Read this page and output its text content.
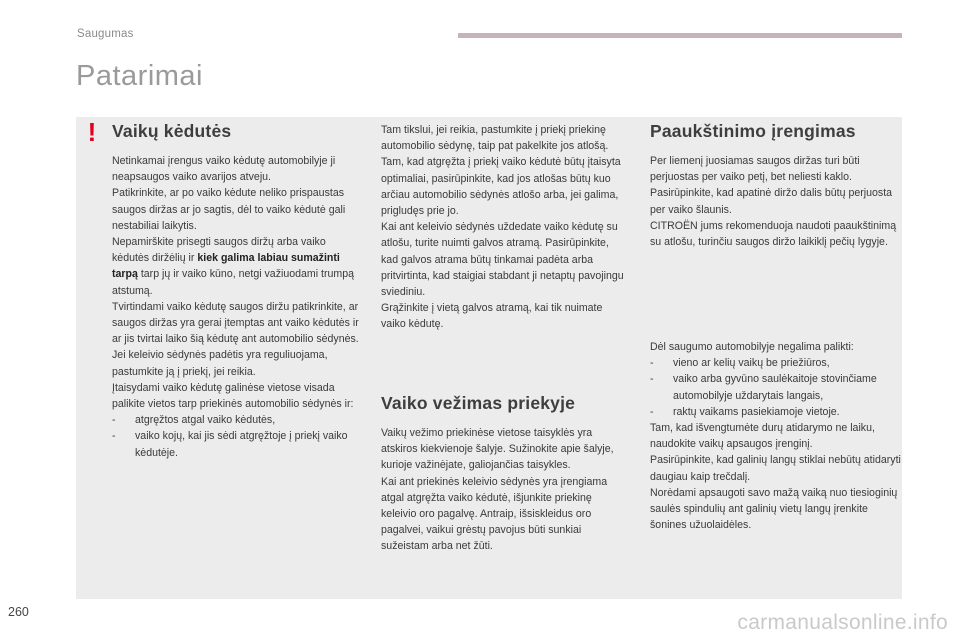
Saugumas
Patarimai
! Vaikų kėdutės

Netinkamai įrengus vaiko kėdutę automobilyje ji neapsaugos vaiko avarijos atveju.

Patikrinkite, ar po vaiko kėdute neliko prispaustas saugos diržas ar jo sagtis, dėl to vaiko kėdutė gali nestabiliai laikytis.

Nepamirškite prisegti saugos diržų arba vaiko kėdutės diržėlių ir kiek galima labiau sumažinti tarpą tarp jų ir vaiko kūno, netgi važiuodami trumpą atstumą.

Tvirtindami vaiko kėdutę saugos diržu patikrinkite, ar saugos diržas yra gerai įtemptas ant vaiko kėdutės ir ar jis tvirtai laiko šią kėdutę ant automobilio sėdynės. Jei keleivio sėdynės padėtis yra reguliuojama, pastumkite ją į priekį, jei reikia.

Įtaisydami vaiko kėdutę galinėse vietose visada palikite vietos tarp priekinės automobilio sėdynės ir:

-	atgręžtos atgal vaiko kėdutės,
-	vaiko kojų, kai jis sėdi atgręžtoje į priekį vaiko kėdutėje.

Tam tikslui, jei reikia, pastumkite į priekį priekinę automobilio sėdynę, taip pat pakelkite jos atlošą.

Tam, kad atgręžta į priekį vaiko kėdutė būtų įtaisyta optimaliai, pasirūpinkite, kad jos atlošas būtų kuo arčiau automobilio sėdynės atlošo arba, jei galima, prigludęs prie jo.

Kai ant keleivio sėdynės uždedate vaiko kėdutę su atlošu, turite nuimti galvos atramą. Pasirūpinkite, kad galvos atrama būtų tinkamai padėta arba pritvirtinta, kad staigiai stabdant ji netaptų pavojingu sviediniu.

Grąžinkite į vietą galvos atramą, kai tik nuimate vaiko kėdutę.

Vaiko vežimas priekyje

Vaikų vežimo priekinėse vietose taisyklės yra atskiros kiekvienoje šalyje. Sužinokite apie šalyje, kurioje važinėjate, galiojančias taisykles.

Kai ant priekinės keleivio sėdynės yra įrengiama atgal atgręžta vaiko kėdutė, išjunkite priekinę keleivio oro pagalvę. Antraip, išsiskleidus oro pagalvei, vaikui grėstų pavojus būti sunkiai sužeistam arba net žūti.

Paaukštinimo įrengimas

Per liemenį juosiamas saugos diržas turi būti perjuostas per vaiko petį, bet neliesti kaklo.

Pasirūpinkite, kad apatinė diržo dalis būtų perjuosta per vaiko šlaunis.

CITROËN jums rekomenduoja naudoti paaukštinimą su atlošu, turinčiu saugos diržo laikiklį pečių lygyje.

Dėl saugumo automobilyje negalima palikti:

-	vieno ar kelių vaikų be priežiūros,
-	vaiko arba gyvūno saulėkaitoje stovinčiame automobilyje uždarytais langais,
-	raktų vaikams pasiekiamoje vietoje.

Tam, kad išvengtumėte durų atidarymo ne laiku, naudokite vaikų apsaugos įrenginį.

Pasirūpinkite, kad galinių langų stiklai nebūtų atidaryti daugiau kaip trečdalį.

Norėdami apsaugoti savo mažą vaiką nuo tiesioginių saulės spindulių ant galinių vietų langų įrenkite šonines užuolaidėles.

260	carmanualsonline.info
